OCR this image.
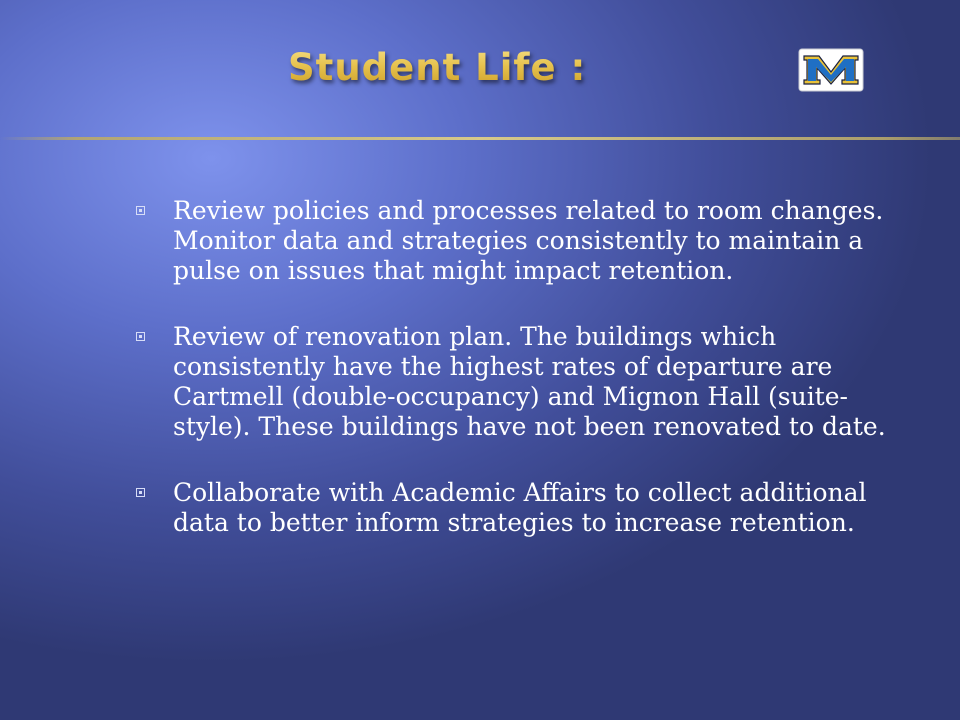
Student Life :	M
Review policies and processes related to room changes. Monitor data and strategies consistently to maintain a pulse on issues that might impact retention.
Review of renovation plan. The buildings which consistently have the highest rates of departure are Cartmell (double-occupancy) and Mignon Hall (suite-style). These buildings have not been renovated to date.
Collaborate with Academic Affairs to collect additional data to better inform strategies to increase retention.
